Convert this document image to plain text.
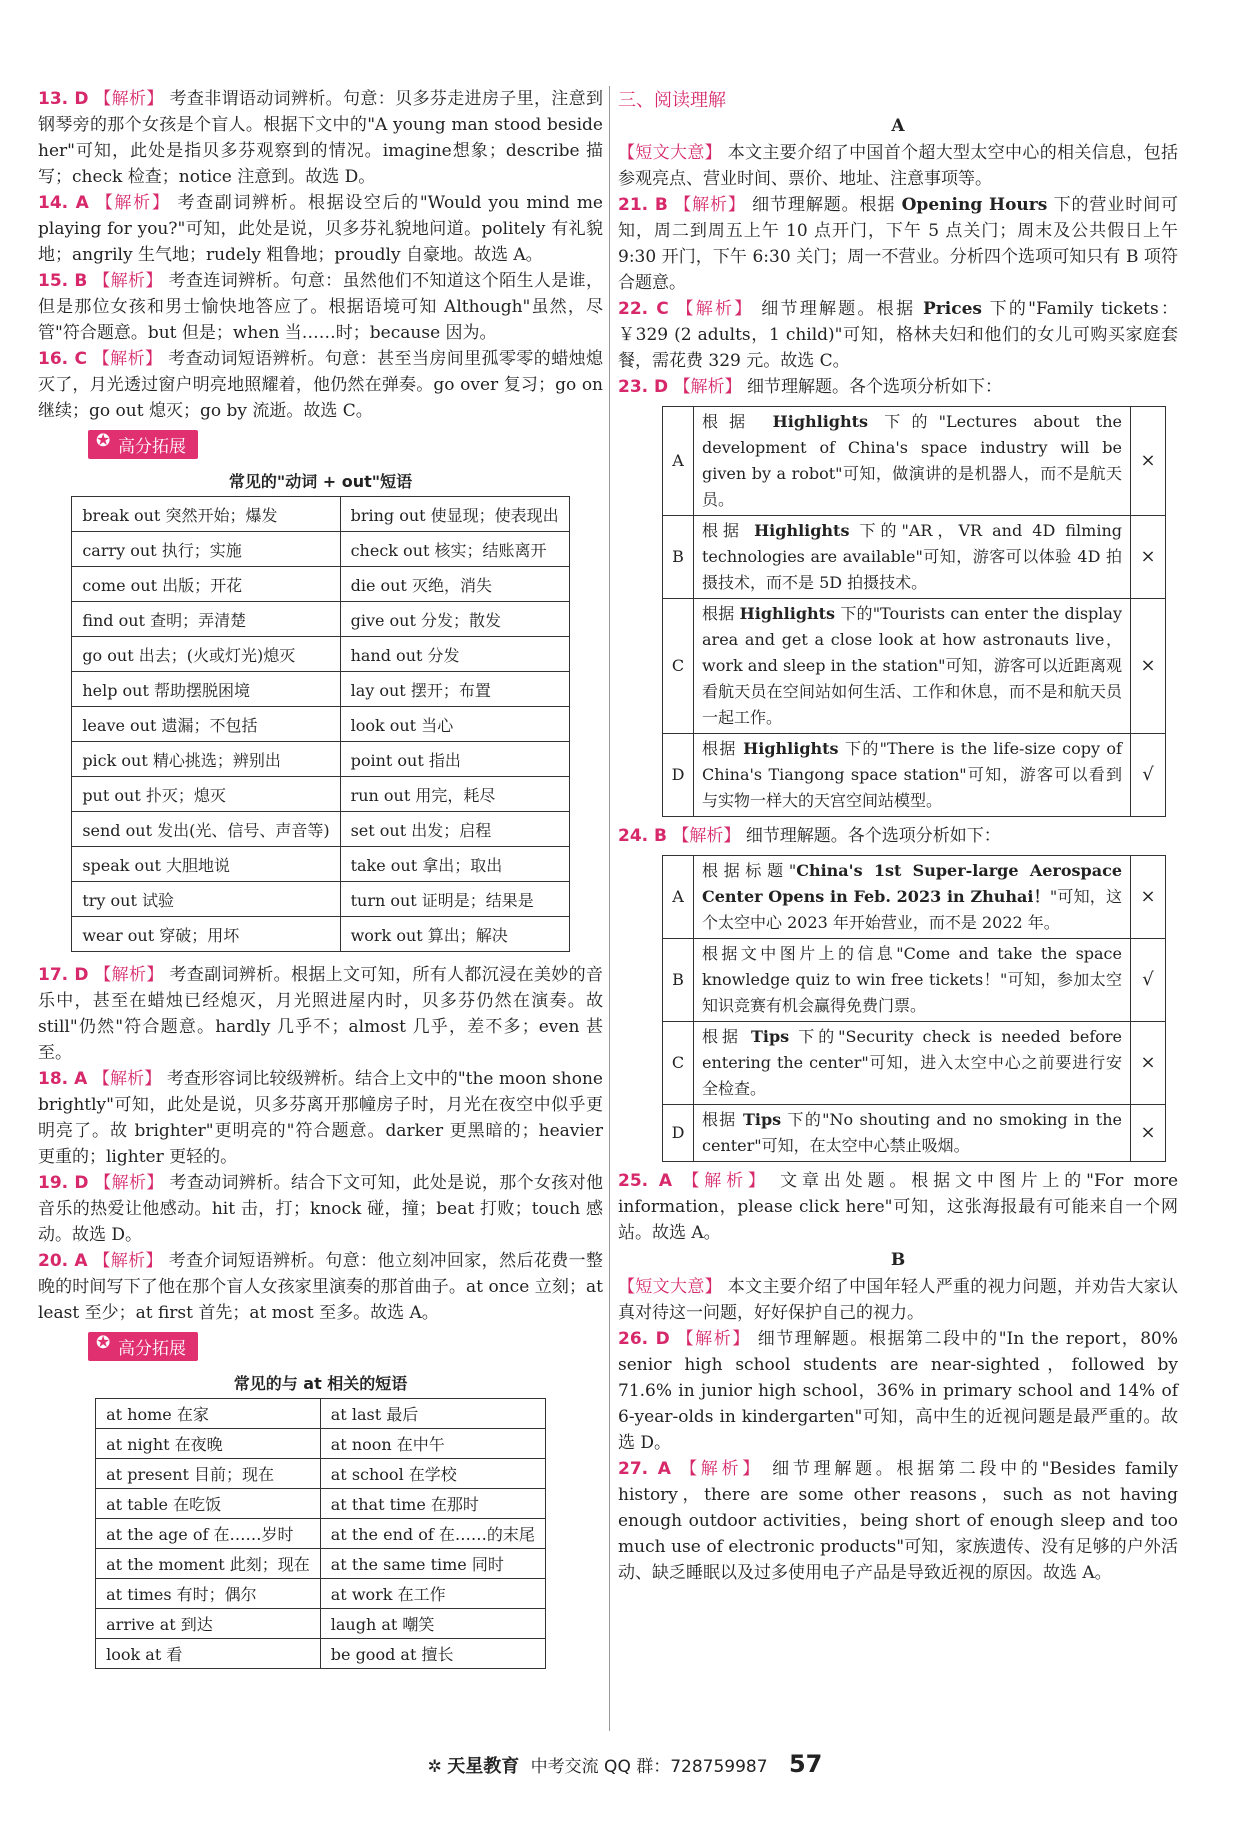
13. D 【解析】 考查非谓语动词辨析。句意：贝多芬走进房子里，注意到钢琴旁的那个女孩是个盲人。根据下文中的"A young man stood beside her"可知，此处是指贝多芬观察到的情况。imagine想象；describe 描写；check 检查；notice 注意到。故选 D。

14. A 【解析】 考查副词辨析。根据设空后的"Would you mind me playing for you?"可知，此处是说，贝多芬礼貌地问道。politely 有礼貌地；angrily 生气地；rudely 粗鲁地；proudly 自豪地。故选 A。

15. B 【解析】 考查连词辨析。句意：虽然他们不知道这个陌生人是谁，但是那位女孩和男士愉快地答应了。根据语境可知 Although"虽然，尽管"符合题意。but 但是；when 当……时；because 因为。

16. C 【解析】 考查动词短语辨析。句意：甚至当房间里孤零零的蜡烛熄灭了，月光透过窗户明亮地照耀着，他仍然在弹奏。go over 复习；go on 继续；go out 熄灭；go by 流逝。故选 C。

✪ 高分拓展
常见的"动词 + out"短语
break out 突然开始；爆发	bring out 使显现；使表现出
carry out 执行；实施	check out 核实；结账离开
come out 出版；开花	die out 灭绝，消失
find out 查明；弄清楚	give out 分发；散发
go out 出去；(火或灯光)熄灭	hand out 分发
help out 帮助摆脱困境	lay out 摆开；布置
leave out 遗漏；不包括	look out 当心
pick out 精心挑选；辨别出	point out 指出
put out 扑灭；熄灭	run out 用完，耗尽
send out 发出(光、信号、声音等)	set out 出发；启程
speak out 大胆地说	take out 拿出；取出
try out 试验	turn out 证明是；结果是
wear out 穿破；用坏	work out 算出；解决

17. D 【解析】 考查副词辨析。根据上文可知，所有人都沉浸在美妙的音乐中，甚至在蜡烛已经熄灭，月光照进屋内时，贝多芬仍然在演奏。故 still"仍然"符合题意。hardly 几乎不；almost 几乎，差不多；even 甚至。

18. A 【解析】 考查形容词比较级辨析。结合上文中的"the moon shone brightly"可知，此处是说，贝多芬离开那幢房子时，月光在夜空中似乎更明亮了。故 brighter"更明亮的"符合题意。darker 更黑暗的；heavier 更重的；lighter 更轻的。

19. D 【解析】 考查动词辨析。结合下文可知，此处是说，那个女孩对他音乐的热爱让他感动。hit 击，打；knock 碰，撞；beat 打败；touch 感动。故选 D。

20. A 【解析】 考查介词短语辨析。句意：他立刻冲回家，然后花费一整晚的时间写下了他在那个盲人女孩家里演奏的那首曲子。at once 立刻；at least 至少；at first 首先；at most 至多。故选 A。

✪ 高分拓展
常见的与 at 相关的短语
at home 在家	at last 最后
at night 在夜晚	at noon 在中午
at present 目前；现在	at school 在学校
at table 在吃饭	at that time 在那时
at the age of 在……岁时	at the end of 在……的末尾
at the moment 此刻；现在	at the same time 同时
at times 有时；偶尔	at work 在工作
arrive at 到达	laugh at 嘲笑
look at 看	be good at 擅长
三、阅读理解
A

【短文大意】 本文主要介绍了中国首个超大型太空中心的相关信息，包括参观亮点、营业时间、票价、地址、注意事项等。

21. B 【解析】 细节理解题。根据 Opening Hours 下的营业时间可知，周二到周五上午 10 点开门，下午 5 点关门；周末及公共假日上午 9:30 开门，下午 6:30 关门；周一不营业。分析四个选项可知只有 B 项符合题意。

22. C 【解析】 细节理解题。根据 Prices 下的"Family tickets：￥329 (2 adults，1 child)"可知，格林夫妇和他们的女儿可购买家庭套餐，需花费 329 元。故选 C。

23. D 【解析】 细节理解题。各个选项分析如下：

A	根据 Highlights 下的"Lectures about the development of China's space industry will be given by a robot"可知，做演讲的是机器人，而不是航天员。	×
B	根据 Highlights 下的"AR，VR and 4D filming technologies are available"可知，游客可以体验 4D 拍摄技术，而不是 5D 拍摄技术。	×
C	根据 Highlights 下的"Tourists can enter the display area and get a close look at how astronauts live，work and sleep in the station"可知，游客可以近距离观看航天员在空间站如何生活、工作和休息，而不是和航天员一起工作。	×
D	根据 Highlights 下的"There is the life-size copy of China's Tiangong space station"可知，游客可以看到与实物一样大的天宫空间站模型。	√

24. B 【解析】 细节理解题。各个选项分析如下：

A	根据标题"China's 1st Super-large Aerospace Center Opens in Feb. 2023 in Zhuhai！"可知，这个太空中心 2023 年开始营业，而不是 2022 年。	×
B	根据文中图片上的信息"Come and take the space knowledge quiz to win free tickets！"可知，参加太空知识竞赛有机会赢得免费门票。	√
C	根据 Tips 下的"Security check is needed before entering the center"可知，进入太空中心之前要进行安全检查。	×
D	根据 Tips 下的"No shouting and no smoking in the center"可知，在太空中心禁止吸烟。	×

25. A 【解析】 文章出处题。根据文中图片上的"For more information，please click here"可知，这张海报最有可能来自一个网站。故选 A。

B

【短文大意】 本文主要介绍了中国年轻人严重的视力问题，并劝告大家认真对待这一问题，好好保护自己的视力。

26. D 【解析】 细节理解题。根据第二段中的"In the report，80% senior high school students are near-sighted，followed by 71.6% in junior high school，36% in primary school and 14% of 6-year-olds in kindergarten"可知，高中生的近视问题是最严重的。故选 D。

27. A 【解析】 细节理解题。根据第二段中的"Besides family history，there are some other reasons，such as not having enough outdoor activities，being short of enough sleep and too much use of electronic products"可知，家族遗传、没有足够的户外活动、缺乏睡眠以及过多使用电子产品是导致近视的原因。故选 A。

✲ 天星教育 中考交流 QQ 群：728759987 57
